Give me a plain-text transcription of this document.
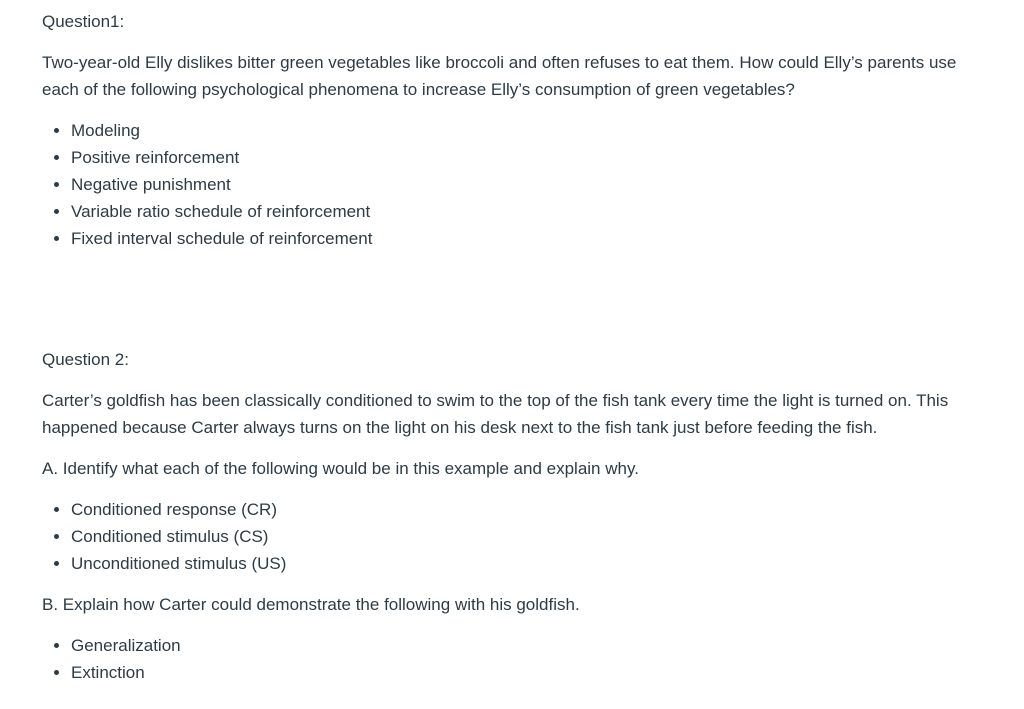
Question1:

Two-year-old Elly dislikes bitter green vegetables like broccoli and often refuses to eat them. How could Elly’s parents use each of the following psychological phenomena to increase Elly’s consumption of green vegetables?

• Modeling
• Positive reinforcement
• Negative punishment
• Variable ratio schedule of reinforcement
• Fixed interval schedule of reinforcement
Question 2:

Carter’s goldfish has been classically conditioned to swim to the top of the fish tank every time the light is turned on. This happened because Carter always turns on the light on his desk next to the fish tank just before feeding the fish.

A. Identify what each of the following would be in this example and explain why.

• Conditioned response (CR)
• Conditioned stimulus (CS)
• Unconditioned stimulus (US)

B. Explain how Carter could demonstrate the following with his goldfish.

• Generalization
• Extinction
